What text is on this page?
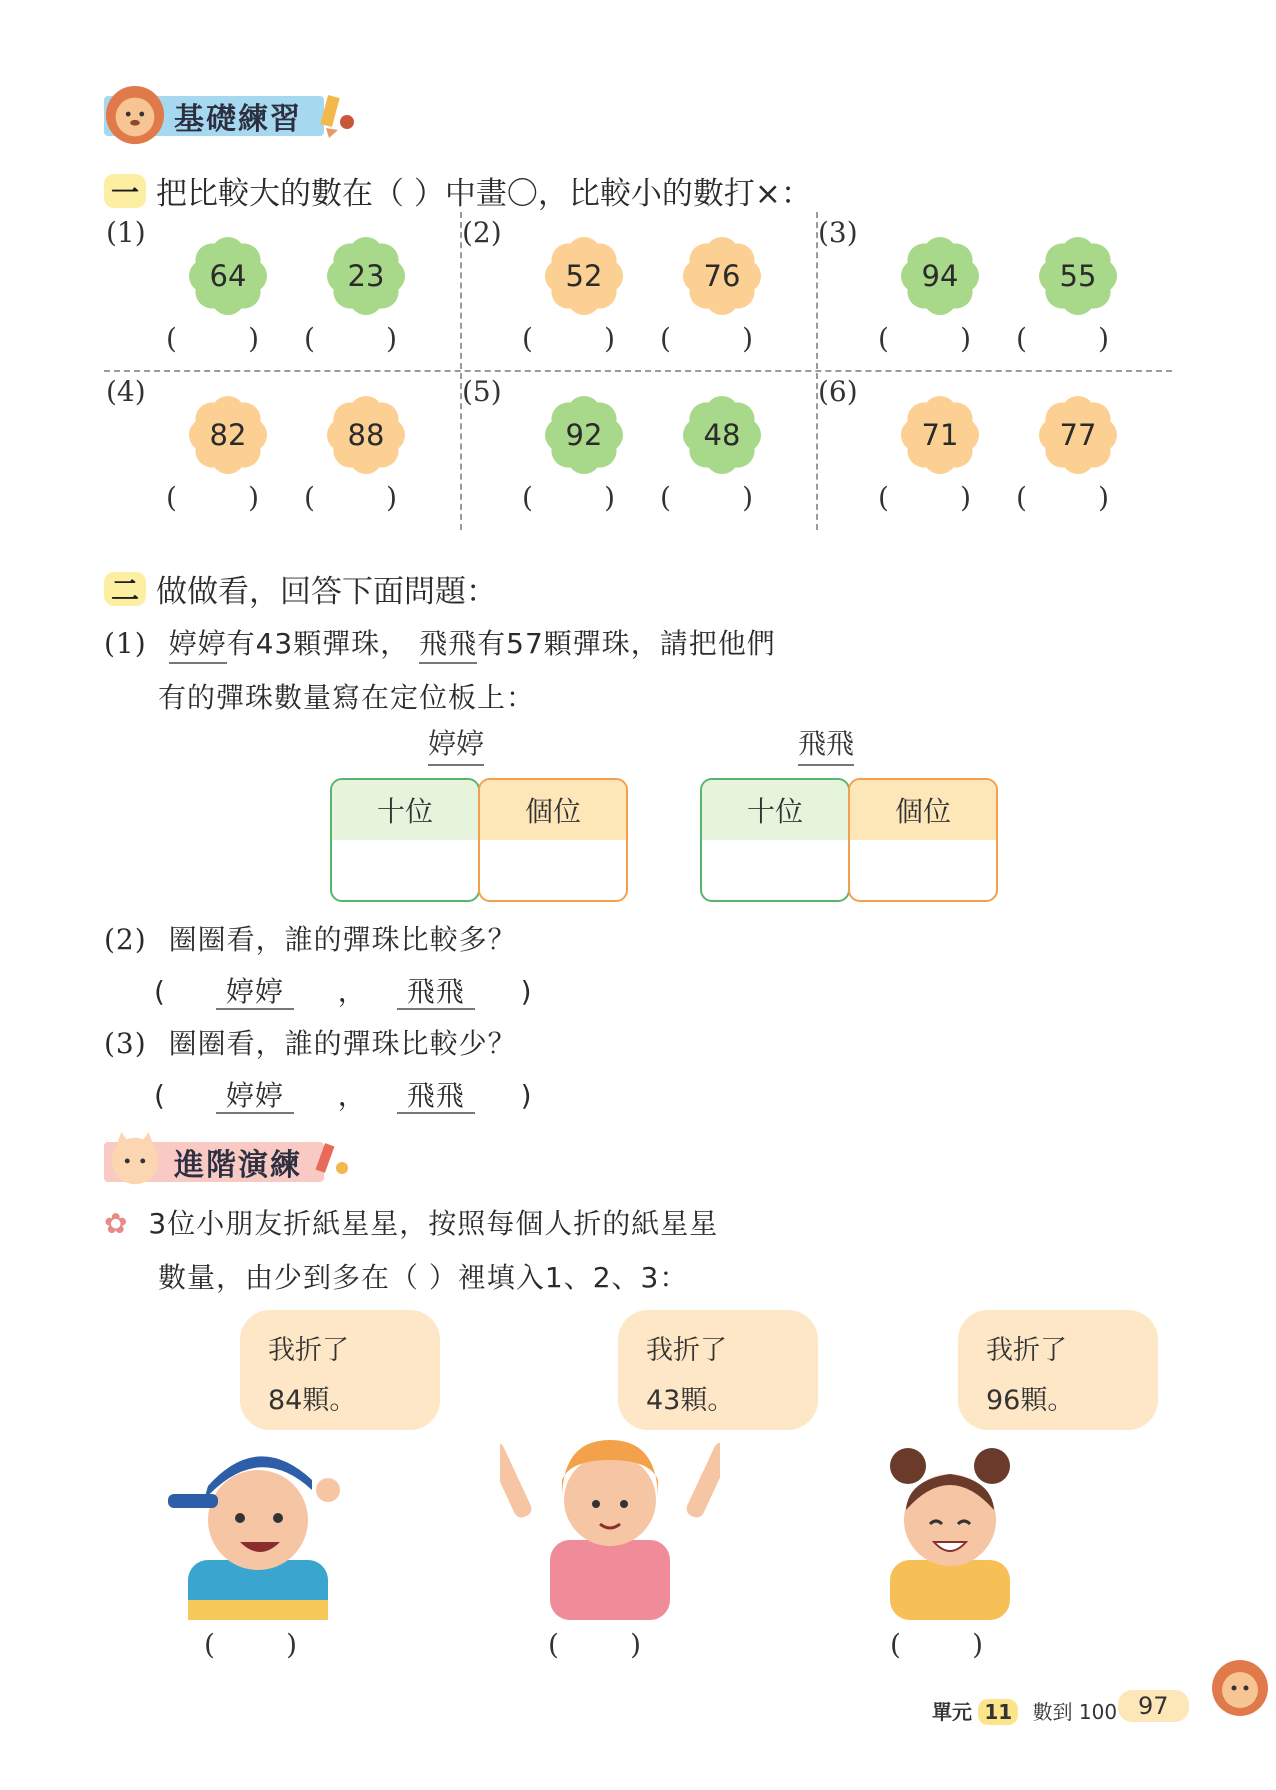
基礎練習
一 把比較大的數在（ ）中畫〇，比較小的數打×：
(1)
64
(        )
23
(        )
(2)
52
(        )
76
(        )
(3)
94
(        )
55
(        )
(4)
82
(        )
88
(        )
(5)
92
(        )
48
(        )
(6)
71
(        )
77
(        )
二 做做看，回答下面問題：
(1) 婷婷有43顆彈珠， 飛飛有57顆彈珠，請把他們
有的彈珠數量寫在定位板上：
婷婷	飛飛
十位	個位	十位	個位
(2) 圈圈看，誰的彈珠比較多？
( 婷婷 ， 飛飛 )
(3) 圈圈看，誰的彈珠比較少？
( 婷婷 ， 飛飛 )
進階演練
✿ 3位小朋友折紙星星，按照每個人折的紙星星
數量，由少到多在（ ）裡填入1、2、3：
我折了
84顆。
我折了
43顆。
我折了
96顆。
(        )	(        )	(        )
單元 11 數到 100 97
